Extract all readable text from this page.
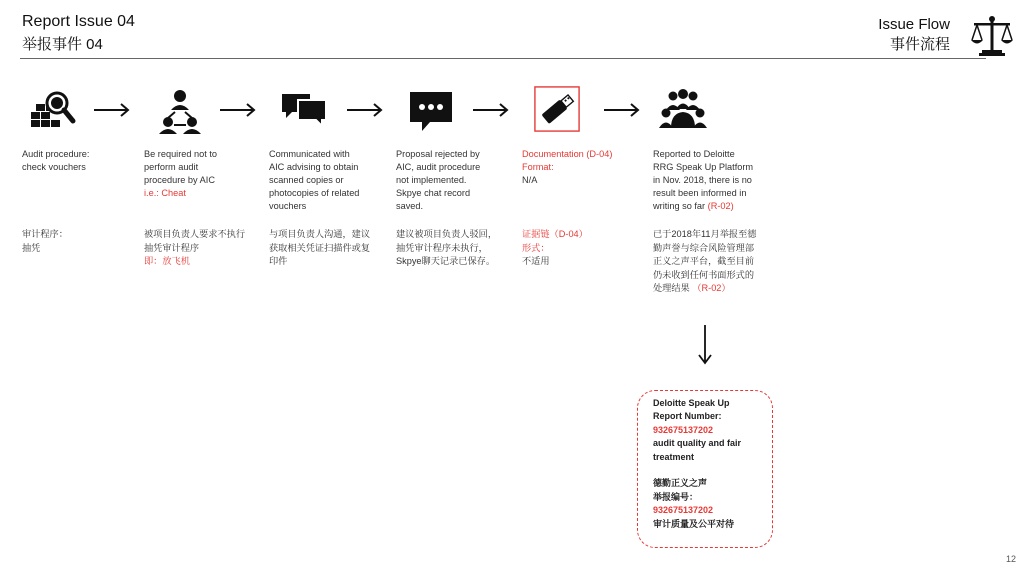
Report Issue 04
举报事件 04
Issue Flow
事件流程
Audit procedure:
check vouchers
Be required not to
perform audit
procedure by AIC
i.e.: Cheat
Communicated with
AIC advising to obtain
scanned copies or
photocopies of related
vouchers
Proposal rejected by
AIC, audit procedure
not implemented.
Skpye chat record
saved.
Documentation (D-04)
Format:
N/A
Reported to Deloitte
RRG Speak Up Platform
in Nov. 2018, there is no
result been informed in
writing so far (R-02)
审计程序：
抽凭
被项目负责人要求不执行
抽凭审计程序
即：放飞机
与项目负责人沟通，建议
获取相关凭证扫描件或复
印件
建议被项目负责人驳回，
抽凭审计程序未执行，
Skpye聊天记录已保存。
证据链（D-04）
形式：
不适用
已于2018年11月举报至德
勤声誉与综合风险管理部
正义之声平台，截至目前
仍未收到任何书面形式的
处理结果 （R-02）
Deloitte Speak Up
Report Number:
932675137202
audit quality and fair
treatment

德勤正义之声
举报编号：
932675137202
审计质量及公平对待
12
